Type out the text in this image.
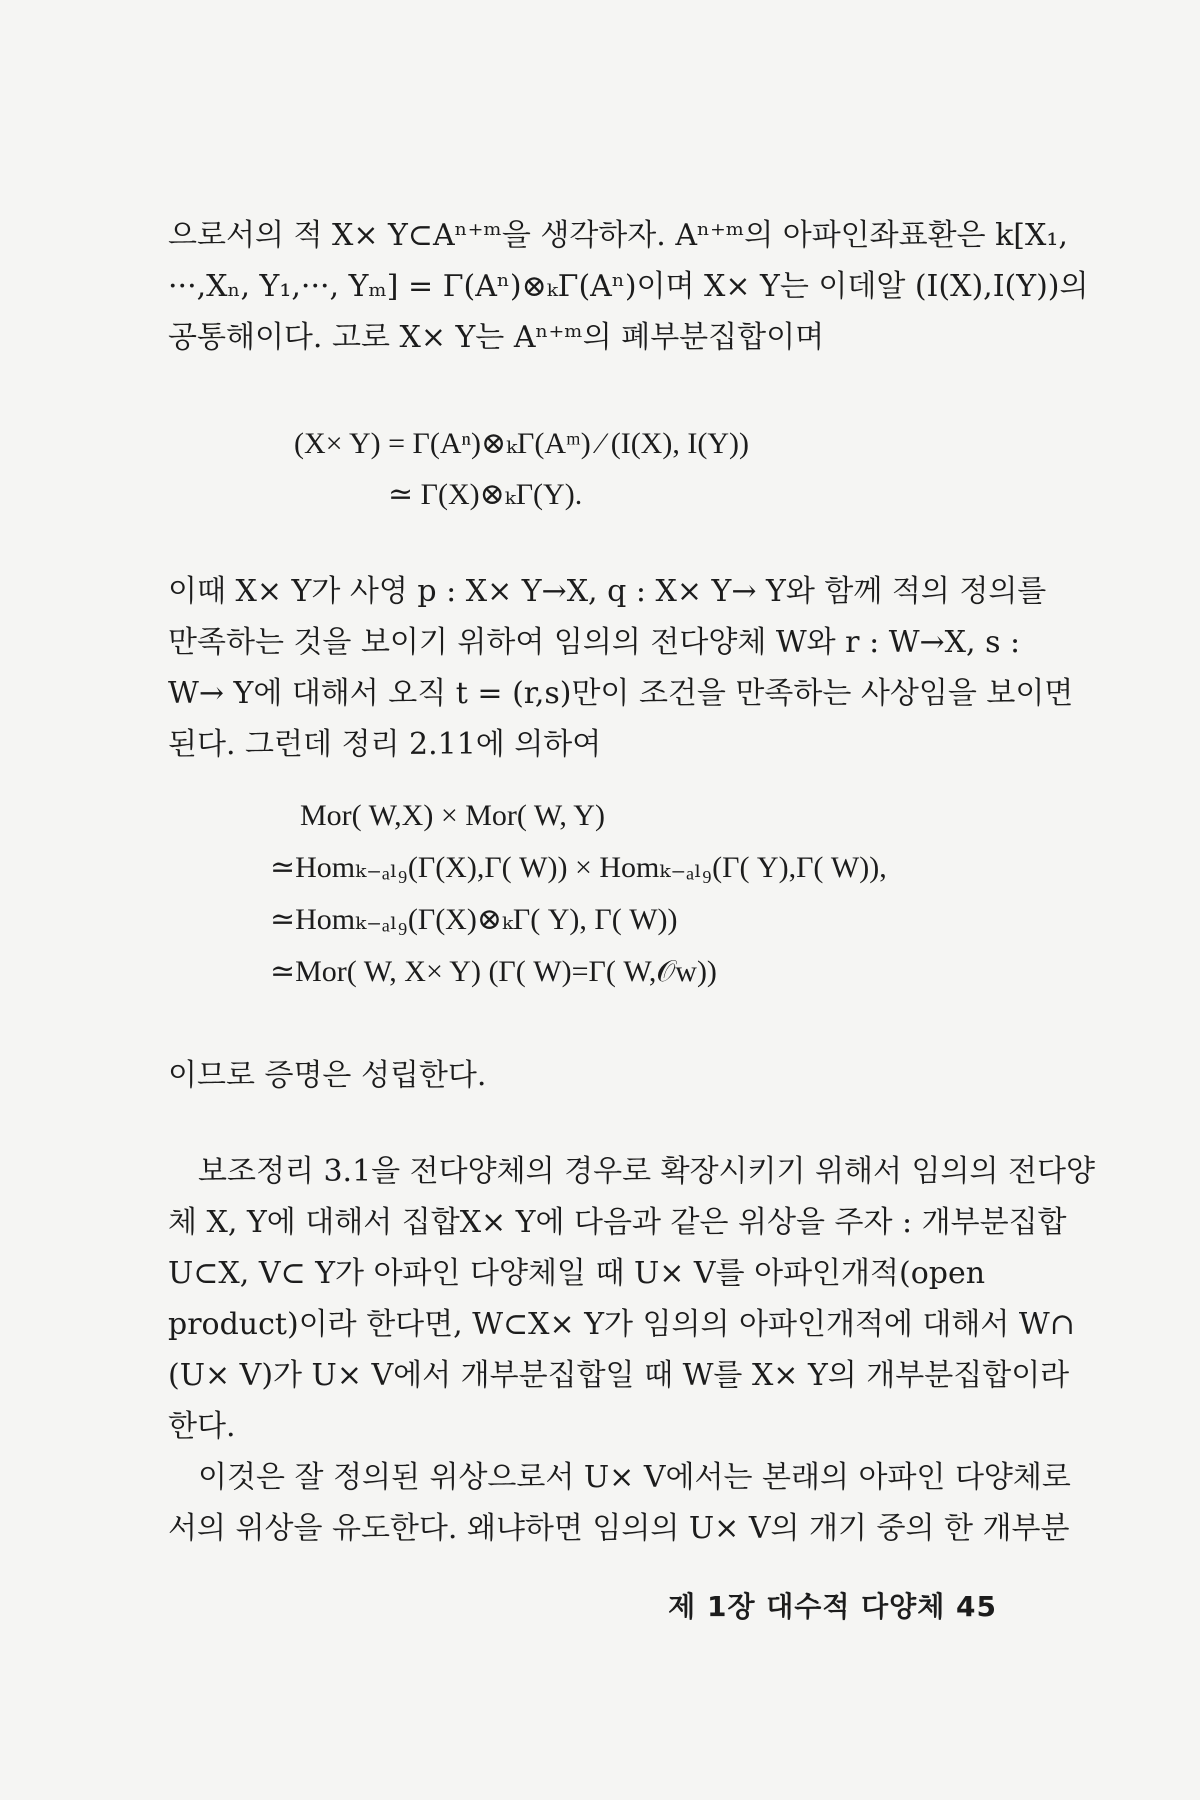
으로서의 적 X× Y⊂Aⁿ⁺ᵐ을 생각하자. Aⁿ⁺ᵐ의 아파인좌표환은 k[X₁,
···,Xₙ, Y₁,···, Yₘ] = Γ(Aⁿ)⊗ₖΓ(Aⁿ)이며 X× Y는 이데알 (I(X),I(Y))의
공통해이다. 고로 X× Y는 Aⁿ⁺ᵐ의 폐부분집합이며
(X× Y) = Γ(Aⁿ)⊗ₖΓ(Aᵐ) ⁄ (I(X), I(Y))
≃ Γ(X)⊗ₖΓ(Y).
이때 X× Y가 사영 p : X× Y→X, q : X× Y→ Y와 함께 적의 정의를
만족하는 것을 보이기 위하여 임의의 전다양체 W와 r : W→X, s :
W→ Y에 대해서 오직 t = (r,s)만이 조건을 만족하는 사상임을 보이면
된다. 그런데 정리 2.11에 의하여
Mor( W,X) × Mor( W, Y)
≃Homₖ₋ₐₗ₉(Γ(X),Γ( W)) × Homₖ₋ₐₗ₉(Γ( Y),Γ( W)),
≃Homₖ₋ₐₗ₉(Γ(X)⊗ₖΓ( Y), Γ( W))
≃Mor( W, X× Y) (Γ( W)=Γ( W,𝒪w))
이므로 증명은 성립한다.
보조정리 3.1을 전다양체의 경우로 확장시키기 위해서 임의의 전다양
체 X, Y에 대해서 집합X× Y에 다음과 같은 위상을 주자 : 개부분집합
U⊂X, V⊂ Y가 아파인 다양체일 때 U× V를 아파인개적(open
product)이라 한다면, W⊂X× Y가 임의의 아파인개적에 대해서 W∩
(U× V)가 U× V에서 개부분집합일 때 W를 X× Y의 개부분집합이라
한다.
이것은 잘 정의된 위상으로서 U× V에서는 본래의 아파인 다양체로
서의 위상을 유도한다. 왜냐하면 임의의 U× V의 개기 중의 한 개부분
제 1장 대수적 다양체 45
